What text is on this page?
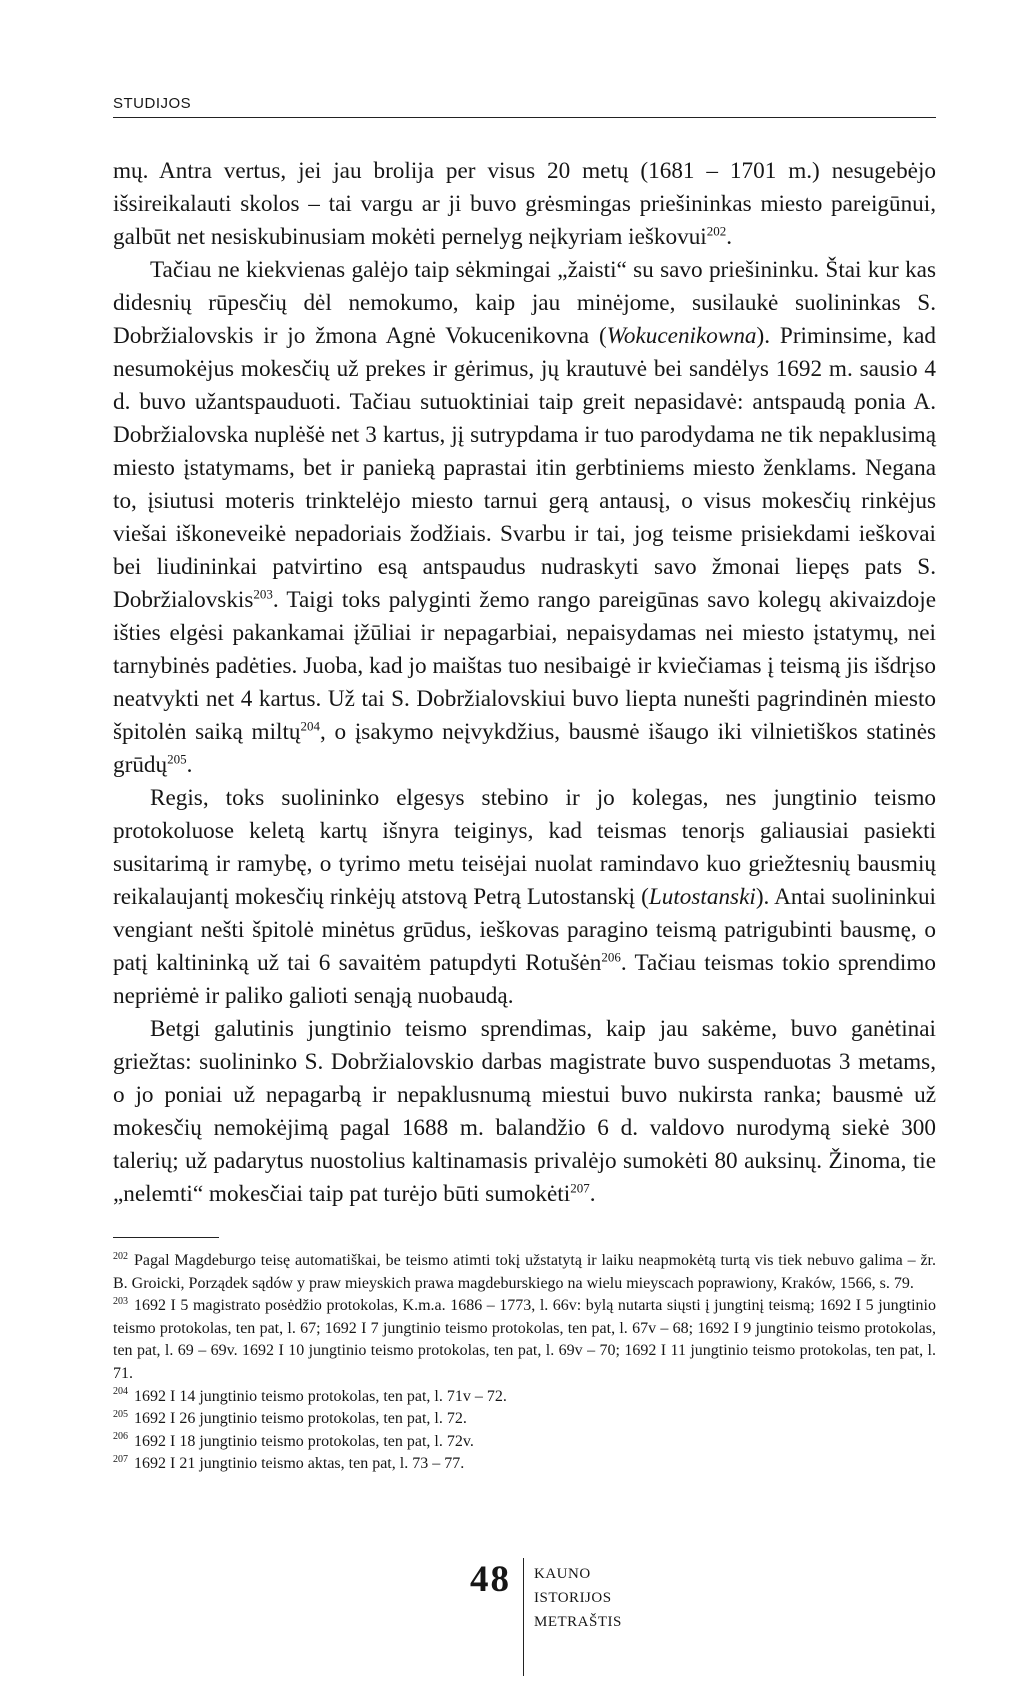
STUDIJOS

mų. Antra vertus, jei jau brolija per visus 20 metų (1681 – 1701 m.) nesugebėjo išsireikalauti skolos – tai vargu ar ji buvo grėsmingas priešininkas miesto pareigūnui, galbūt net nesiskubinusiam mokėti pernelyg neįkyriam ieškovui$^{202}$.

Tačiau ne kiekvienas galėjo taip sėkmingai „žaisti“ su savo priešininku. Štai kur kas didesnių rūpesčių dėl nemokumo, kaip jau minėjome, susilaukė suolininkas S. Dobržialovskis ir jo žmona Agnė Vokucenikovna (Wokucenikowna). Priminsime, kad nesumokėjus mokesčių už prekes ir gėrimus, jų krautuvė bei sandėlys 1692 m. sausio 4 d. buvo užantspauduoti. Tačiau sutuoktiniai taip greit nepasidavė: antspaudą ponia A. Dobržialovska nuplėšė net 3 kartus, jį sutrypdama ir tuo parodydama ne tik nepaklusimą miesto įstatymams, bet ir panieką paprastai itin gerbtiniems miesto ženklams. Negana to, įsiutusi moteris trinktelėjo miesto tarnui gerą antausį, o visus mokesčių rinkėjus viešai iškoneveikė nepadoriais žodžiais. Svarbu ir tai, jog teisme prisiekdami ieškovai bei liudininkai patvirtino esą antspaudus nudraskyti savo žmonai liepęs pats S. Dobržialovskis$^{203}$. Taigi toks palyginti žemo rango pareigūnas savo kolegų akivaizdoje išties elgėsi pakankamai įžūliai ir nepagarbiai, nepaisydamas nei miesto įstatymų, nei tarnybinės padėties. Juoba, kad jo maištas tuo nesibaigė ir kviečiamas į teismą jis išdrįso neatvykti net 4 kartus. Už tai S. Dobržialovskiui buvo liepta nunešti pagrindinėn miesto špitolėn saiką miltų$^{204}$, o įsakymo neįvykdžius, bausmė išaugo iki vilnietiškos statinės grūdų$^{205}$.

Regis, toks suolininko elgesys stebino ir jo kolegas, nes jungtinio teismo protokoluose keletą kartų išnyra teiginys, kad teismas tenorįs galiausiai pasiekti susitarimą ir ramybę, o tyrimo metu teisėjai nuolat ramindavo kuo griežtesnių bausmių reikalaujantį mokesčių rinkėjų atstovą Petrą Lutostanskį (Lutostanski). Antai suolininkui vengiant nešti špitolė minėtus grūdus, ieškovas paragino teismą patrigubinti bausmę, o patį kaltininką už tai 6 savaitėm patupdyti Rotušėn$^{206}$. Tačiau teismas tokio sprendimo nepriėmė ir paliko galioti senąją nuobaudą.

Betgi galutinis jungtinio teismo sprendimas, kaip jau sakėme, buvo ganėtinai griežtas: suolininko S. Dobržialovskio darbas magistrate buvo suspenduotas 3 metams, o jo poniai už nepagarbą ir nepaklusnumą miestui buvo nukirsta ranka; bausmė už mokesčių nemokėjimą pagal 1688 m. balandžio 6 d. valdovo nurodymą siekė 300 talerių; už padarytus nuostolius kaltinamasis privalėjo sumokėti 80 auksinų. Žinoma, tie „nelemti“ mokesčiai taip pat turėjo būti sumokėti$^{207}$.

$^{202}$ Pagal Magdeburgo teisę automatiškai, be teismo atimti tokį užstatytą ir laiku neapmokėtą turtą vis tiek nebuvo galima – žr. B. Groicki, Porządek sądów y praw mieyskich prawa magdeburskiego na wielu mieyscach poprawiony, Kraków, 1566, s. 79.

$^{203}$ 1692 I 5 magistrato posėdžio protokolas, K.m.a. 1686 – 1773, l. 66v: bylą nutarta siųsti į jungtinį teismą; 1692 I 5 jungtinio teismo protokolas, ten pat, l. 67; 1692 I 7 jungtinio teismo protokolas, ten pat, l. 67v – 68; 1692 I 9 jungtinio teismo protokolas, ten pat, l. 69 – 69v. 1692 I 10 jungtinio teismo protokolas, ten pat, l. 69v – 70; 1692 I 11 jungtinio teismo protokolas, ten pat, l. 71.

$^{204}$ 1692 I 14 jungtinio teismo protokolas, ten pat, l. 71v – 72.

$^{205}$ 1692 I 26 jungtinio teismo protokolas, ten pat, l. 72.

$^{206}$ 1692 I 18 jungtinio teismo protokolas, ten pat, l. 72v.

$^{207}$ 1692 I 21 jungtinio teismo aktas, ten pat, l. 73 – 77.

48 KAUNO
ISTORIJOS
METRAŠTIS
